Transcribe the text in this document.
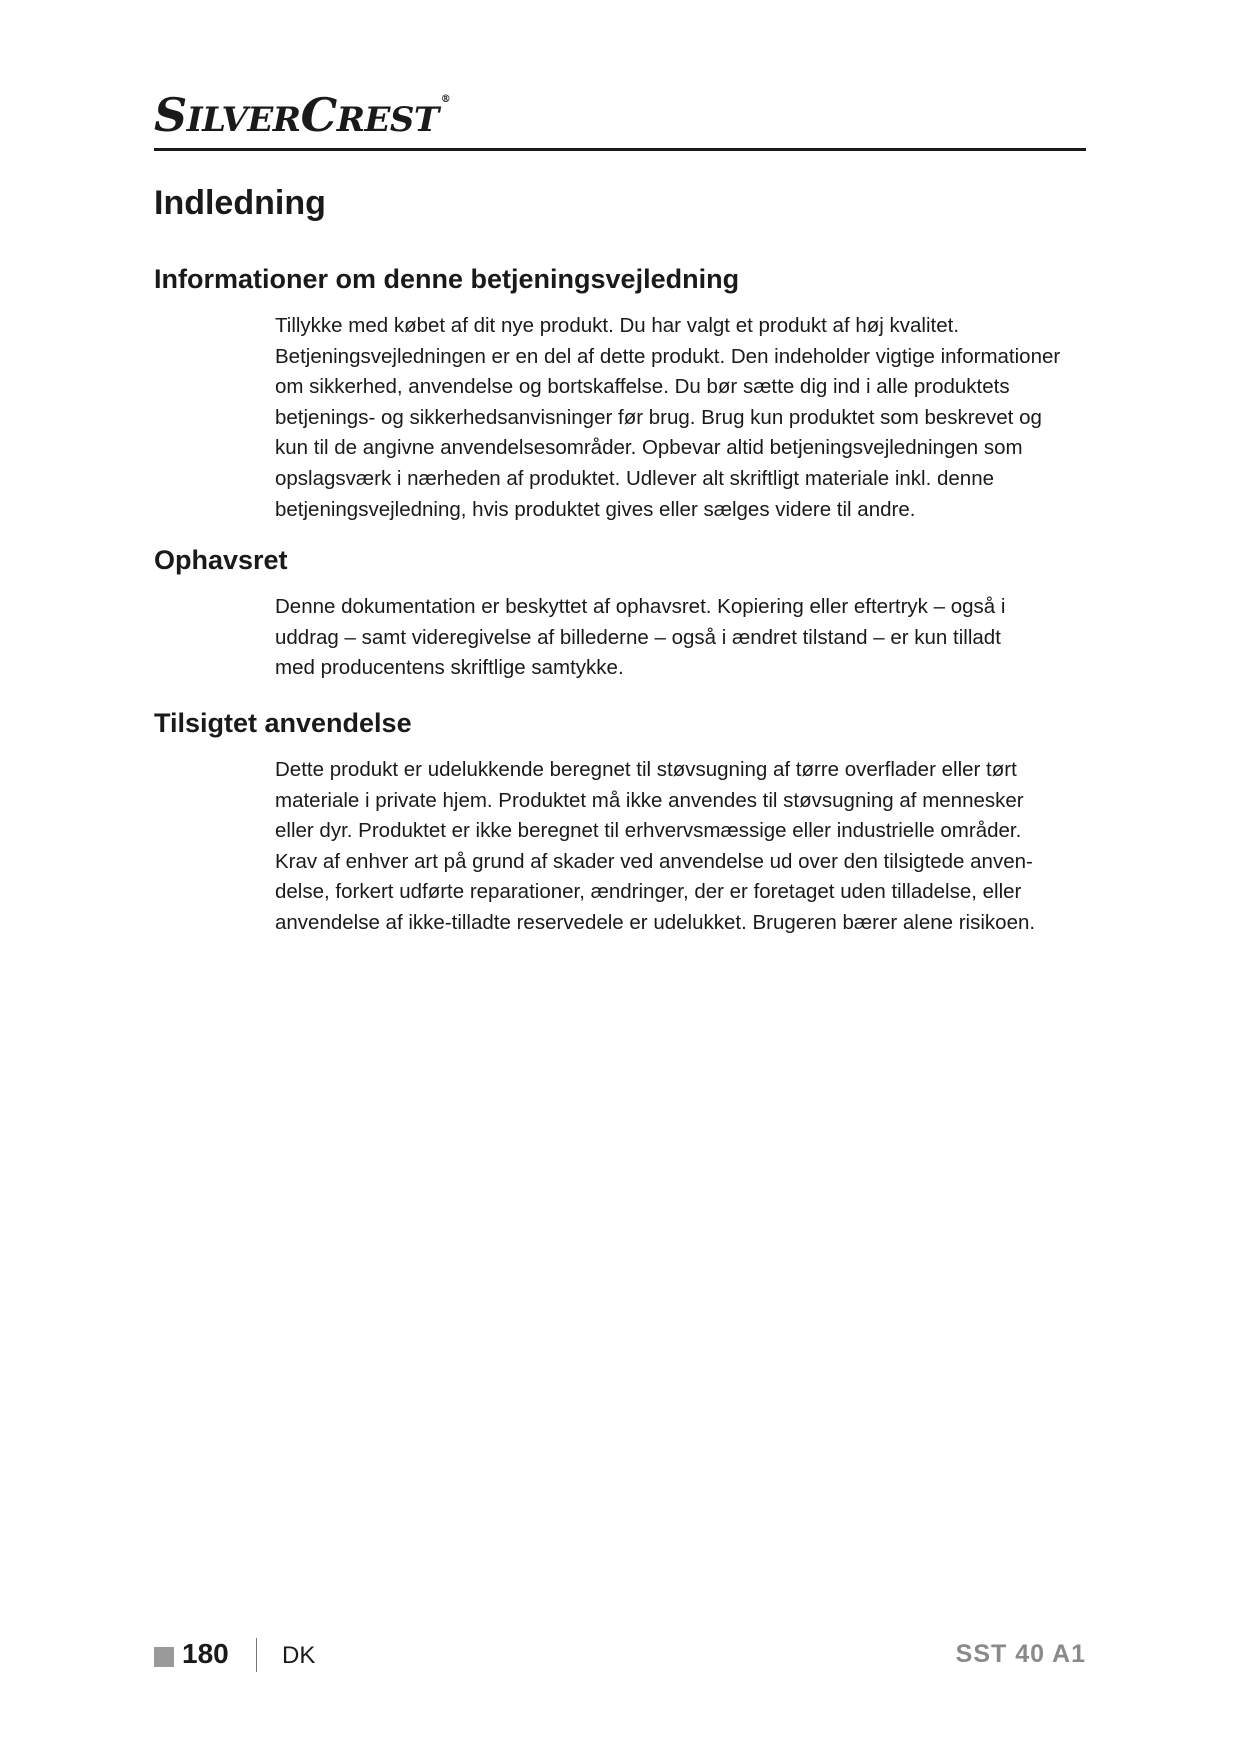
SILVERCREST®
Indledning
Informationer om denne betjeningsvejledning
Tillykke med købet af dit nye produkt. Du har valgt et produkt af høj kvalitet.
Betjeningsvejledningen er en del af dette produkt. Den indeholder vigtige informationer
om sikkerhed, anvendelse og bortskaffelse. Du bør sætte dig ind i alle produktets
betjenings- og sikkerhedsanvisninger før brug. Brug kun produktet som beskrevet og
kun til de angivne anvendelsesområder. Opbevar altid betjeningsvejledningen som
opslagsværk i nærheden af produktet. Udlever alt skriftligt materiale inkl. denne
betjeningsvejledning, hvis produktet gives eller sælges videre til andre.
Ophavsret
Denne dokumentation er beskyttet af ophavsret. Kopiering eller eftertryk – også i
uddrag – samt videregivelse af billederne – også i ændret tilstand – er kun tilladt
med producentens skriftlige samtykke.
Tilsigtet anvendelse
Dette produkt er udelukkende beregnet til støvsugning af tørre overflader eller tørt
materiale i private hjem. Produktet må ikke anvendes til støvsugning af mennesker
eller dyr. Produktet er ikke beregnet til erhvervsmæssige eller industrielle områder.
Krav af enhver art på grund af skader ved anvendelse ud over den tilsigtede anven-
delse, forkert udførte reparationer, ændringer, der er foretaget uden tilladelse, eller
anvendelse af ikke-tilladte reservedele er udelukket. Brugeren bærer alene risikoen.
180 DK	SST 40 A1
